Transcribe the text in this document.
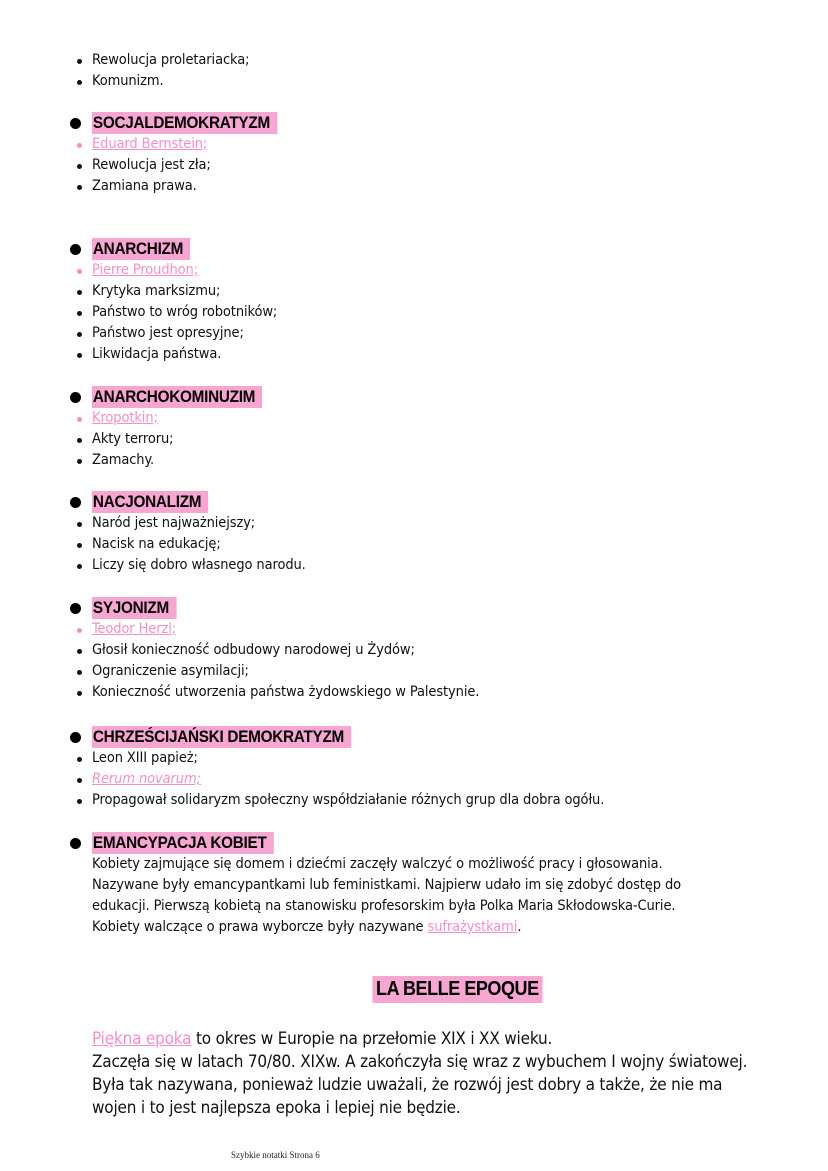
Rewolucja proletariacka;
Komunizm.
SOCJALDEMOKRATYZM
Eduard Bernstein;
Rewolucja jest zła;
Zamiana prawa.
ANARCHIZM
Pierre Proudhon;
Krytyka marksizmu;
Państwo to wróg robotników;
Państwo jest opresyjne;
Likwidacja państwa.
ANARCHOKOMINUZIM
Kropotkin;
Akty terroru;
Zamachy.
NACJONALIZM
Naród jest najważniejszy;
Nacisk na edukację;
Liczy się dobro własnego narodu.
SYJONIZM
Teodor Herzl;
Głosił konieczność odbudowy narodowej u Żydów;
Ograniczenie asymilacji;
Konieczność utworzenia państwa żydowskiego w Palestynie.
CHRZEŚCIJAŃSKI DEMOKRATYZM
Leon XIII papież;
Rerum novarum;
Propagował solidaryzm społeczny współdziałanie różnych grup dla dobra ogółu.
EMANCYPACJA KOBIET
Kobiety zajmujące się domem i dziećmi zaczęły walczyć o możliwość pracy i głosowania.
Nazywane były emancypantkami lub feministkami. Najpierw udało im się zdobyć dostęp do
edukacji. Pierwszą kobietą na stanowisku profesorskim była Polka Maria Skłodowska-Curie.
Kobiety walczące o prawa wyborcze były nazywane sufrażystkami.
LA BELLE EPOQUE
Piękna epoka to okres w Europie na przełomie XIX i XX wieku.
Zaczęła się w latach 70/80. XIXw. A zakończyła się wraz z wybuchem I wojny światowej.
Była tak nazywana, ponieważ ludzie uważali, że rozwój jest dobry a także, że nie ma
wojen i to jest najlepsza epoka i lepiej nie będzie.
Szybkie notatki Strona 6
